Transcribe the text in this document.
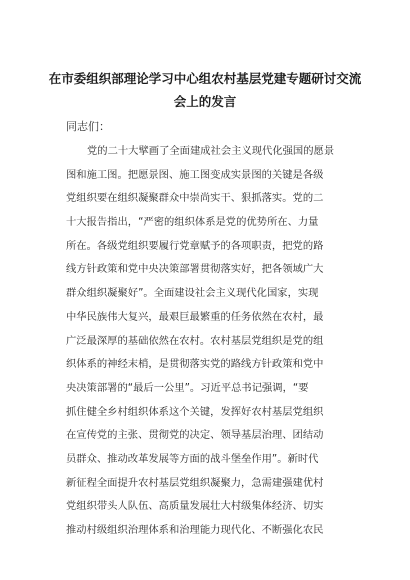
在市委组织部理论学习中心组农村基层党建专题研讨交流
会上的发言
同志们：
党的二十大擘画了全面建成社会主义现代化强国的愿景
图和施工图。把愿景图、施工图变成实景图的关键是各级
党组织要在组织凝聚群众中崇尚实干、狠抓落实。党的二
十大报告指出，“严密的组织体系是党的优势所在、力量
所在。各级党组织要履行党章赋予的各项职责，把党的路
线方针政策和党中央决策部署贯彻落实好，把各领域广大
群众组织凝聚好”。全面建设社会主义现代化国家，实现
中华民族伟大复兴，最艰巨最繁重的任务依然在农村，最
广泛最深厚的基础依然在农村。农村基层党组织是党的组
织体系的神经末梢，是贯彻落实党的路线方针政策和党中
央决策部署的“最后一公里”。习近平总书记强调，“要
抓住健全乡村组织体系这个关键，发挥好农村基层党组织
在宣传党的主张、贯彻党的决定、领导基层治理、团结动
员群众、推动改革发展等方面的战斗堡垒作用”。新时代
新征程全面提升农村基层党组织凝聚力，急需建强建优村
党组织带头人队伍、高质量发展壮大村级集体经济、切实
推动村级组织治理体系和治理能力现代化、不断强化农民
